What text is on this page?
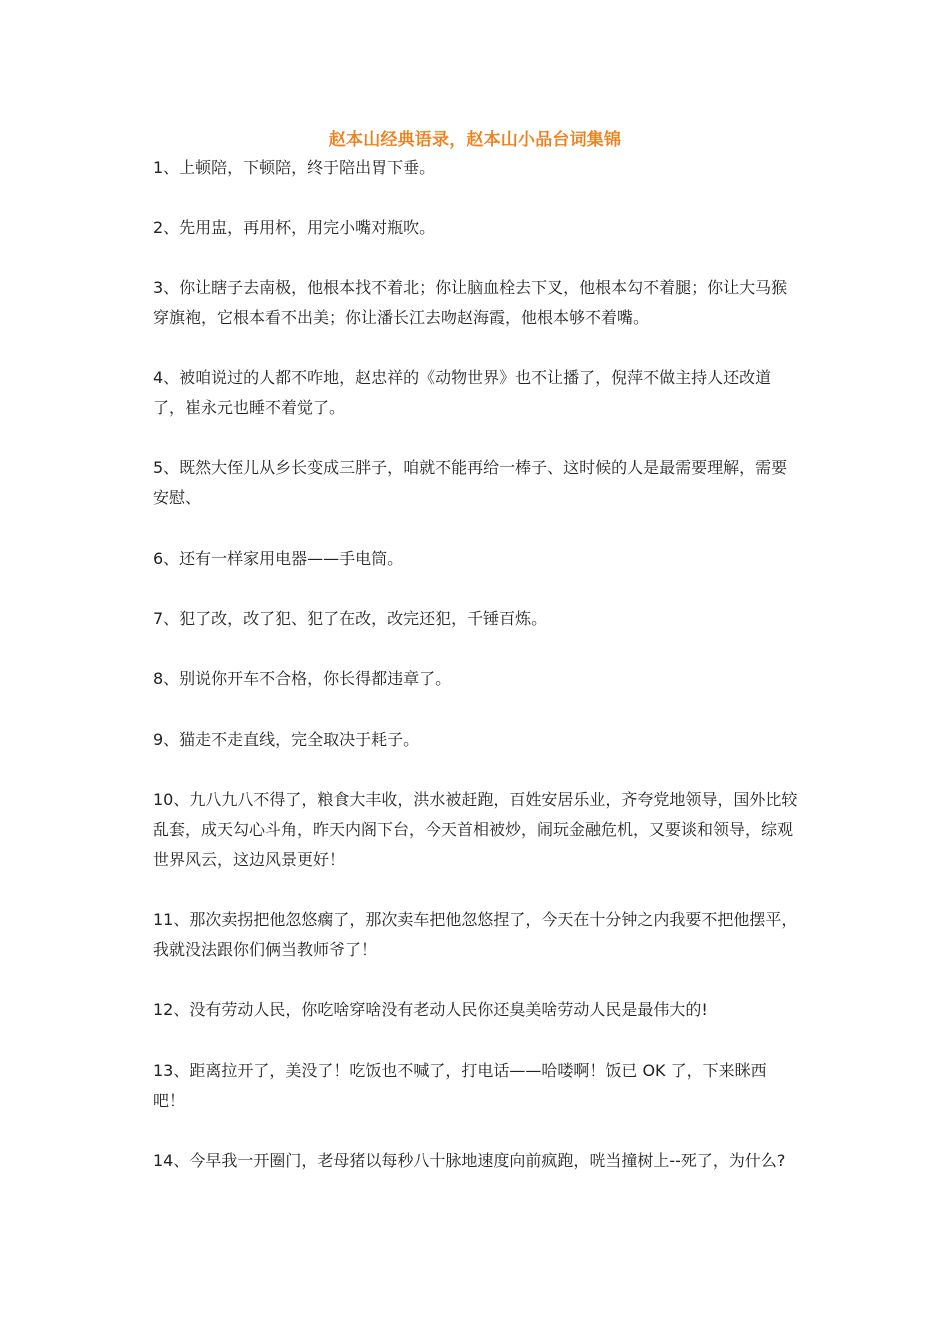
赵本山经典语录，赵本山小品台词集锦

1、上顿陪，下顿陪，终于陪出胃下垂。

2、先用盅，再用杯，用完小嘴对瓶吹。

3、你让瞎子去南极，他根本找不着北；你让脑血栓去下叉，他根本勾不着腿；你让大马猴穿旗袍，它根本看不出美；你让潘长江去吻赵海霞，他根本够不着嘴。

4、被咱说过的人都不咋地，赵忠祥的《动物世界》也不让播了，倪萍不做主持人还改道了，崔永元也睡不着觉了。

5、既然大侄儿从乡长变成三胖子，咱就不能再给一棒子、这时候的人是最需要理解，需要安慰、

6、还有一样家用电器——手电筒。

7、犯了改，改了犯、犯了在改，改完还犯，千锤百炼。

8、别说你开车不合格，你长得都违章了。

9、猫走不走直线，完全取决于耗子。

10、九八九八不得了，粮食大丰收，洪水被赶跑，百姓安居乐业，齐夸党地领导，国外比较乱套，成天勾心斗角，昨天内阁下台，今天首相被炒，闹玩金融危机，又要谈和领导，综观世界风云，这边风景更好！

11、那次卖拐把他忽悠瘸了，那次卖车把他忽悠捏了，今天在十分钟之内我要不把他摆平，我就没法跟你们俩当教师爷了！

12、没有劳动人民，你吃啥穿啥没有老动人民你还臭美啥劳动人民是最伟大的!

13、距离拉开了，美没了！吃饭也不喊了，打电话——哈喽啊！饭已 OK 了，下来眯西吧！

14、今早我一开圈门，老母猪以每秒八十脉地速度向前疯跑，咣当撞树上--死了，为什么?
